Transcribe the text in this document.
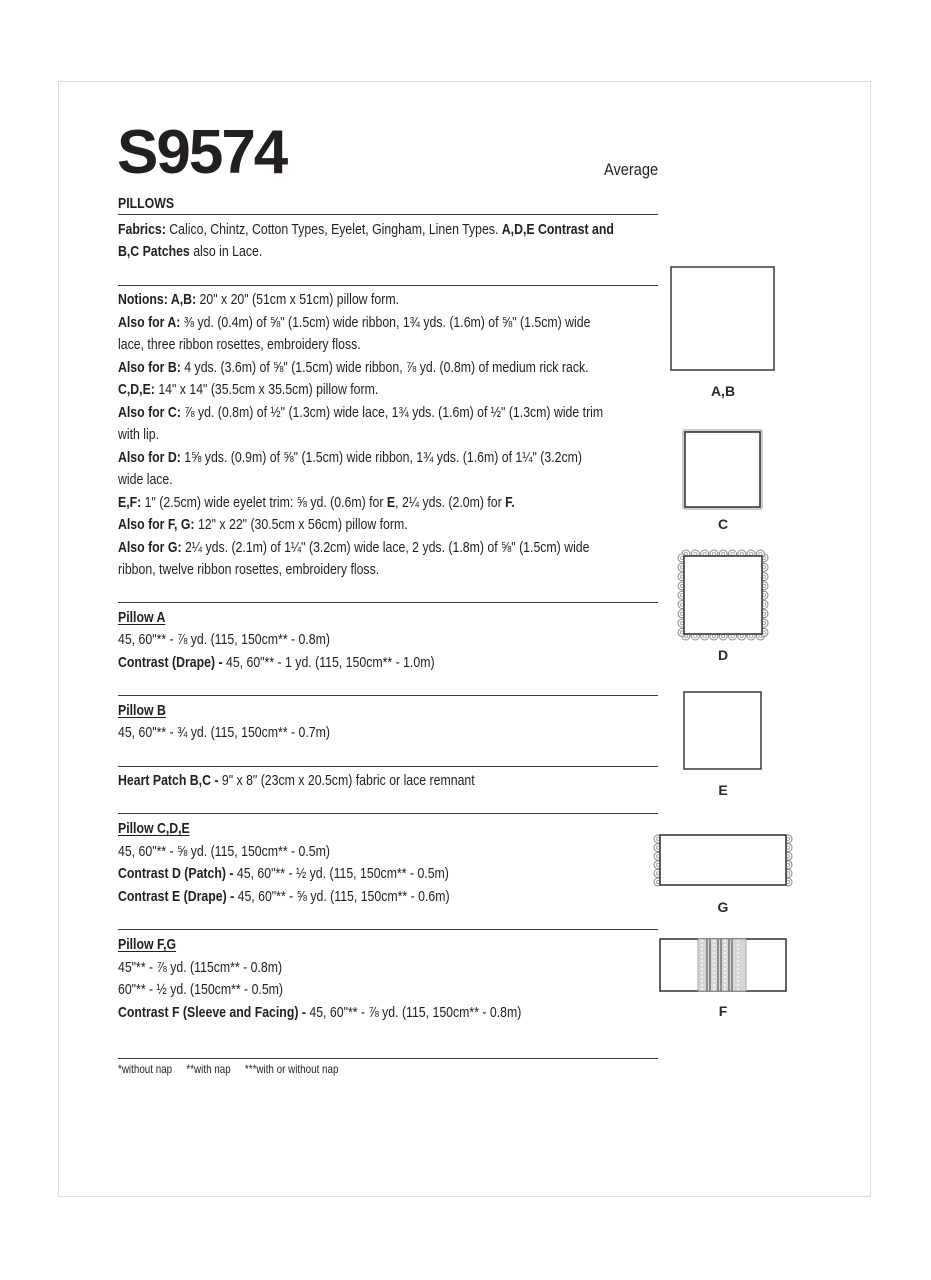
S9574	Average
PILLOWS
Fabrics: Calico, Chintz, Cotton Types, Eyelet, Gingham, Linen Types. A,D,E Contrast and
B,C Patches also in Lace.
Notions: A,B: 20" x 20" (51cm x 51cm) pillow form.
Also for A: ⅜ yd. (0.4m) of ⅝" (1.5cm) wide ribbon, 1¾ yds. (1.6m) of ⅝" (1.5cm) wide
lace, three ribbon rosettes, embroidery floss.
Also for B: 4 yds. (3.6m) of ⅝" (1.5cm) wide ribbon, ⅞ yd. (0.8m) of medium rick rack.
C,D,E: 14" x 14" (35.5cm x 35.5cm) pillow form.
Also for C: ⅞ yd. (0.8m) of ½" (1.3cm) wide lace, 1¾ yds. (1.6m) of ½" (1.3cm) wide trim
with lip.
Also for D: 1⅝ yds. (0.9m) of ⅝" (1.5cm) wide ribbon, 1¾ yds. (1.6m) of 1¼" (3.2cm)
wide lace.
E,F: 1" (2.5cm) wide eyelet trim: ⅝ yd. (0.6m) for E, 2¼ yds. (2.0m) for F.
Also for F, G: 12" x 22" (30.5cm x 56cm) pillow form.
Also for G: 2¼ yds. (2.1m) of 1¼" (3.2cm) wide lace, 2 yds. (1.8m) of ⅝" (1.5cm) wide
ribbon, twelve ribbon rosettes, embroidery floss.
Pillow A
45, 60"** - ⅞ yd. (115, 150cm** - 0.8m)
Contrast (Drape) - 45, 60"** - 1 yd. (115, 150cm** - 1.0m)
Pillow B
45, 60"** - ¾ yd. (115, 150cm** - 0.7m)
Heart Patch B,C - 9" x 8" (23cm x 20.5cm) fabric or lace remnant
Pillow C,D,E
45, 60"** - ⅝ yd. (115, 150cm** - 0.5m)
Contrast D (Patch) - 45, 60"** - ½ yd. (115, 150cm** - 0.5m)
Contrast E (Drape) - 45, 60"** - ⅝ yd. (115, 150cm** - 0.6m)
Pillow F,G
45"** - ⅞ yd. (115cm** - 0.8m)
60"** - ½ yd. (150cm** - 0.5m)
Contrast F (Sleeve and Facing) - 45, 60"** - ⅞ yd. (115, 150cm** - 0.8m)
*without nap **with nap ***with or without nap
A,B
C
D
E
G
F
